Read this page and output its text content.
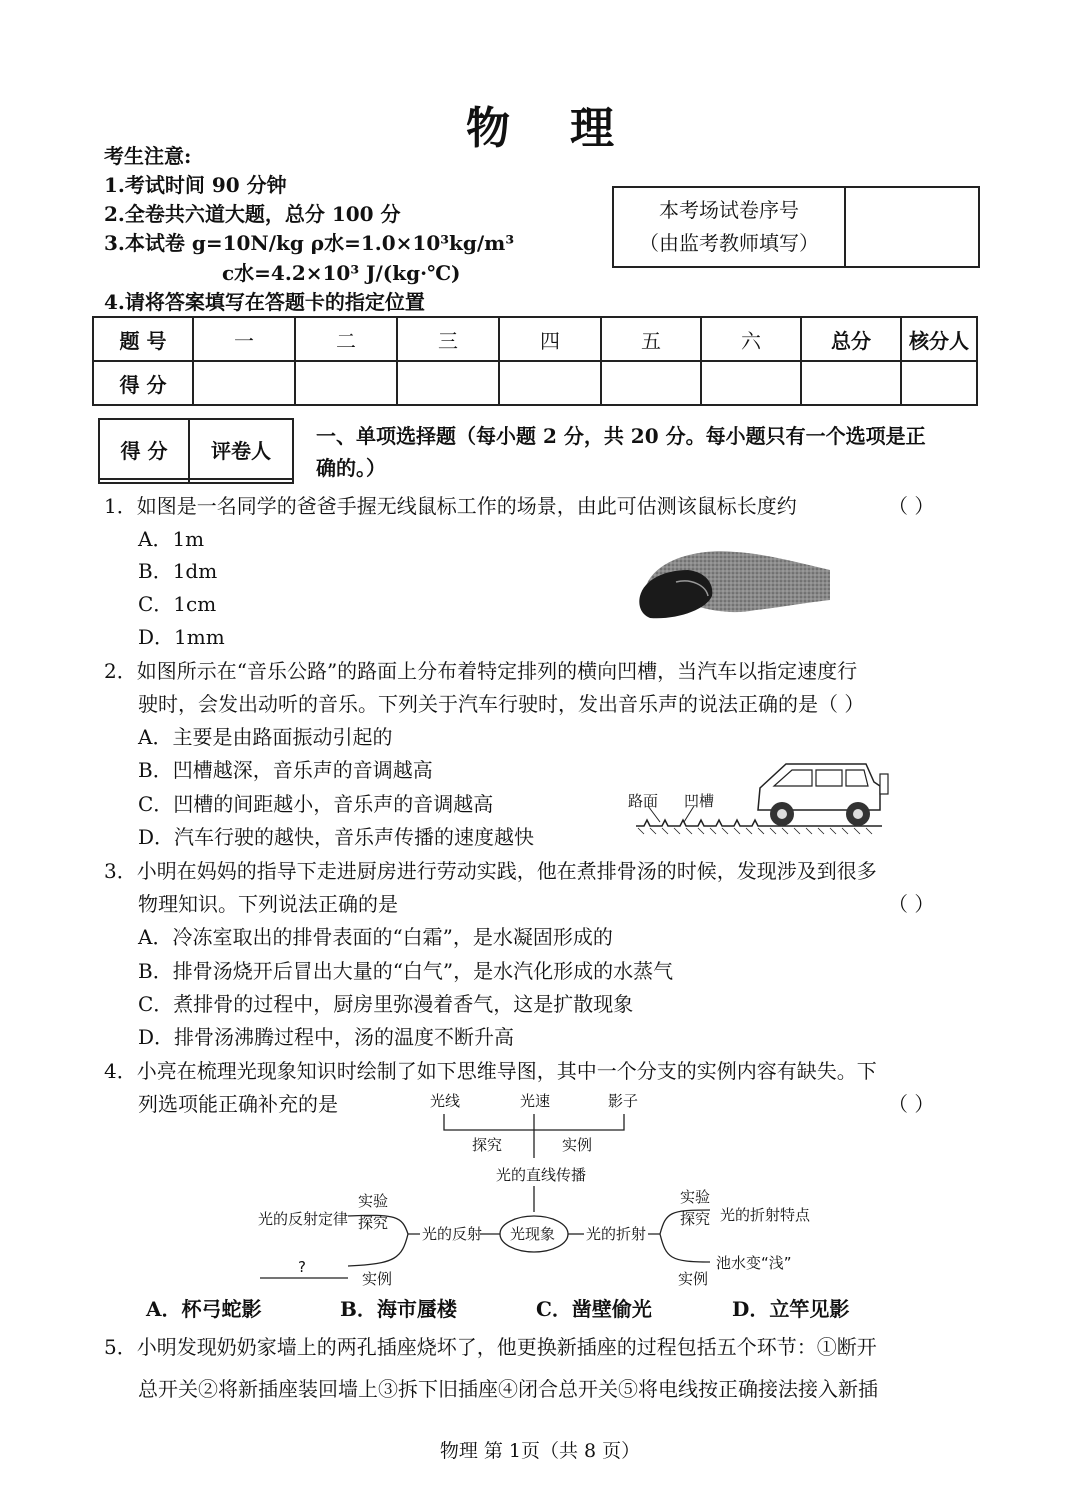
物 理
考生注意:
1.考试时间 90 分钟
2.全卷共六道大题，总分 100 分
3.本试卷 g=10N/kg ρ水=1.0×10³kg/m³
c水=4.2×10³ J/(kg·℃)
4.请将答案填写在答题卡的指定位置
本考场试卷序号
（由监考教师填写）
题 号	一	二	三	四	五	六	总分	核分人
得 分								
得 分	评卷人

一、单项选择题（每小题 2 分，共 20 分。每小题只有一个选项是正
确的。）
1．如图是一名同学的爸爸手握无线鼠标工作的场景，由此可估测该鼠标长度约	（ ）
A．1m
B．1dm
C．1cm
D．1mm
2．如图所示在“音乐公路”的路面上分布着特定排列的横向凹槽，当汽车以指定速度行
驶时，会发出动听的音乐。下列关于汽车行驶时，发出音乐声的说法正确的是（ ）
A．主要是由路面振动引起的
B．凹槽越深，音乐声的音调越高
C．凹槽的间距越小，音乐声的音调越高
D．汽车行驶的越快，音乐声传播的速度越快
路面 凹槽
3．小明在妈妈的指导下走进厨房进行劳动实践，他在煮排骨汤的时候，发现涉及到很多
物理知识。下列说法正确的是	（ ）
A．冷冻室取出的排骨表面的“白霜”，是水凝固形成的
B．排骨汤烧开后冒出大量的“白气”，是水汽化形成的水蒸气
C．煮排骨的过程中，厨房里弥漫着香气，这是扩散现象
D．排骨汤沸腾过程中，汤的温度不断升高
4．小亮在梳理光现象知识时绘制了如下思维导图，其中一个分支的实例内容有缺失。下
列选项能正确补充的是	（ ）
光线	光速	影子
探究	实例
光的直线传播
光现象
光的反射
实验
探究
光的反射定律
实例
?
光的折射
实验
探究 光的折射特点
实例
池水变“浅”
A．杯弓蛇影	B．海市蜃楼	C．凿壁偷光	D．立竿见影
5．小明发现奶奶家墙上的两孔插座烧坏了，他更换新插座的过程包括五个环节：①断开
总开关②将新插座装回墙上③拆下旧插座④闭合总开关⑤将电线按正确接法接入新插
物理 第 1页（共 8 页）
